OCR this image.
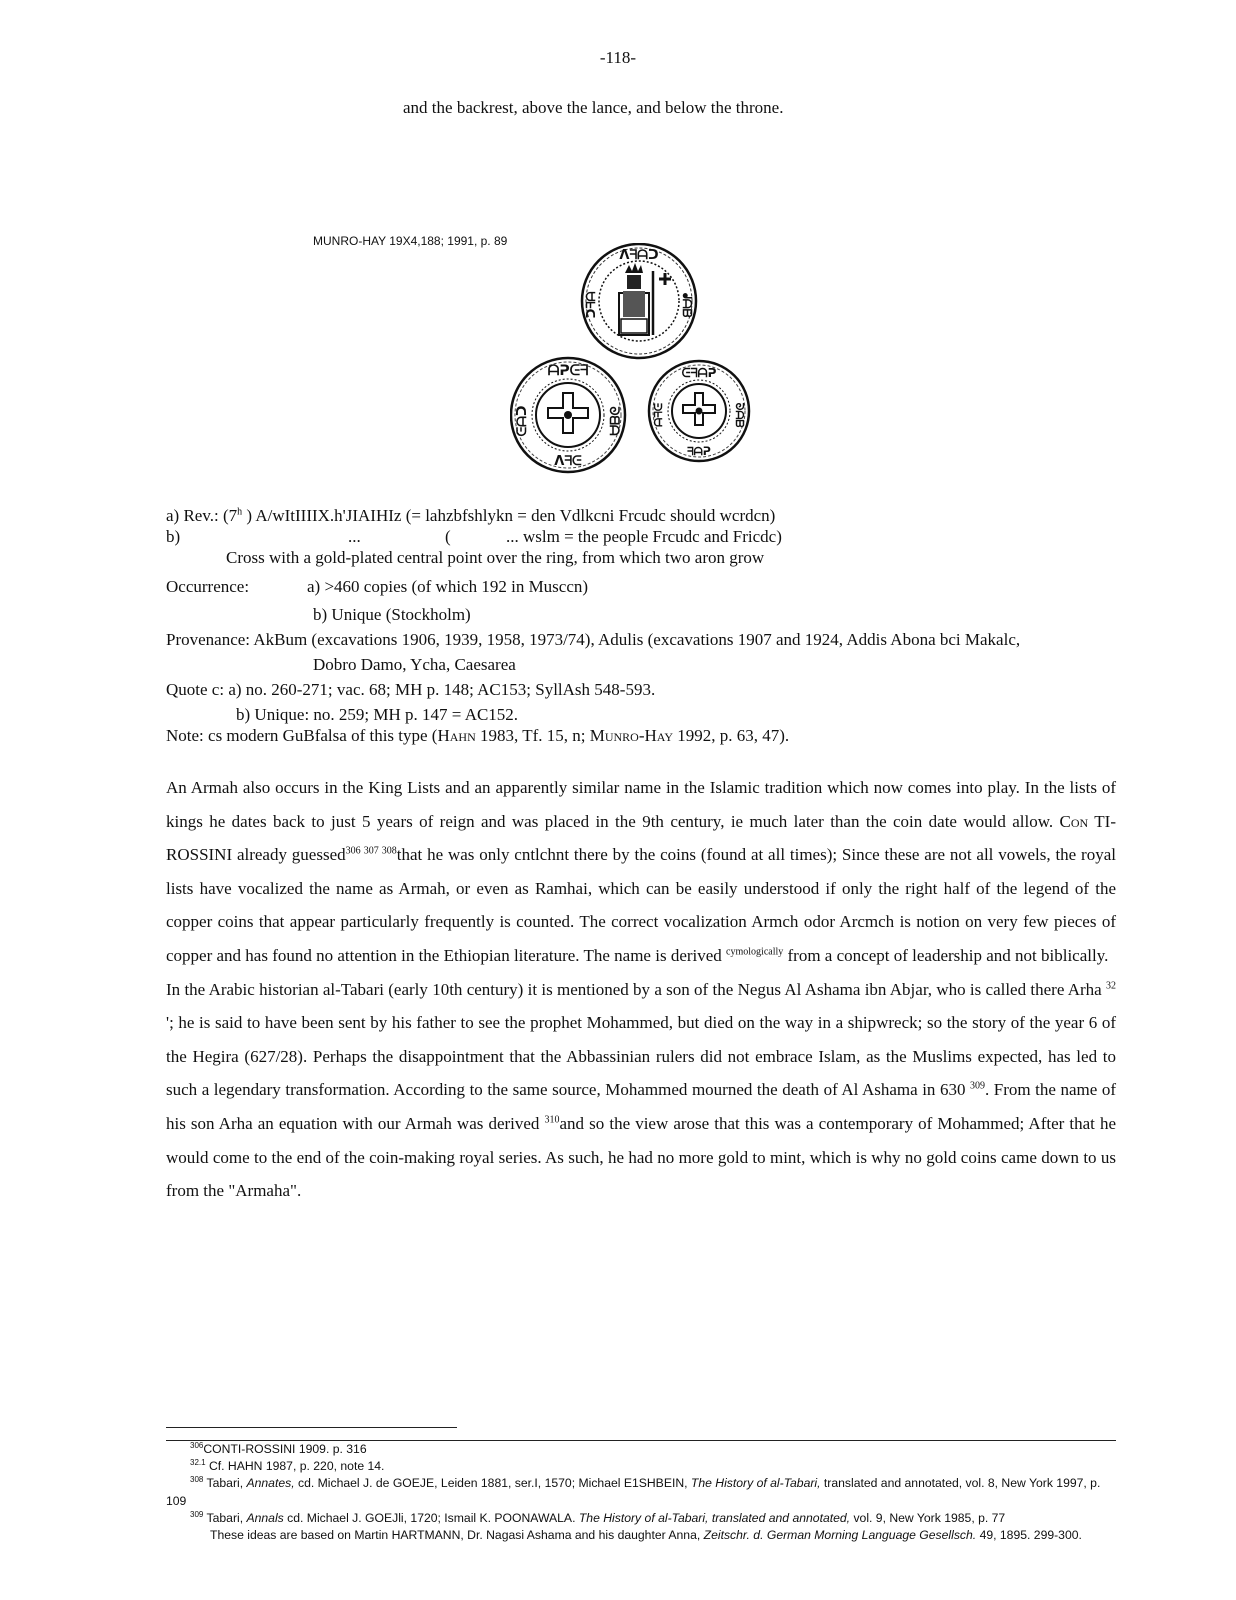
-118-
and the backrest, above the lance, and below the throne.
MUNRO-HAY 19X4,188; 1991, p. 89
ᐱᖷᗩᑐ
ᖱᗩᗷ
ᑐᖷᗩ
ᗩᕈᕮᖷ
ᘐᗺᗩ
ᐱᖷᕮ
ᕮᗩᑐ
ᕮᖷᗩᕈ
ᘐᗩᗷ
ᖷᗩᕈ
ᗩᖷᕮ
a) Rev.: (7$^h$ ) A/wItIIIIX.h'JIAIHIz (= lahzbfshlykn = den Vdlkcni Frcudc should wcrdcn)
b)	...	(	... wslm = the people Frcudc and Fricdc)
Cross with a gold-plated central point over the ring, from which two aron grow
Occurrence:	a) >460 copies (of which 192 in Musccn)
b) Unique (Stockholm)
Provenance: AkBum (excavations 1906, 1939, 1958, 1973/74), Adulis (excavations 1907 and 1924, Addis Abona bci Makalc,
Dobro Damo, Ycha, Caesarea
Quote c: a) no. 260-271; vac. 68; MH p. 148; AC153; SyllAsh 548-593.
b) Unique: no. 259; MH p. 147 = AC152.
Note: cs modern GuBfalsa of this type (Hahn 1983, Tf. 15, n; Munro-Hay 1992, p. 63, 47).

An Armah also occurs in the King Lists and an apparently similar name in the Islamic tradition which now comes into play. In the lists of kings he dates back to just 5 years of reign and was placed in the 9th century, ie much later than the coin date would allow. Con TI-ROSSINI already guessed$^{306 307 308}$that he was only cntlchnt there by the coins (found at all times); Since these are not all vowels, the royal lists have vocalized the name as Armah, or even as Ramhai, which can be easily understood if only the right half of the legend of the copper coins that appear particularly frequently is counted. The correct vocalization Armch odor Arcmch is notion on very few pieces of copper and has found no attention in the Ethiopian literature. The name is derived $^{cymologically}$ from a concept of leadership and not biblically.

In the Arabic historian al-Tabari (early 10th century) it is mentioned by a son of the Negus Al Ashama ibn Abjar, who is called there Arha $^{32}$ '; he is said to have been sent by his father to see the prophet Mohammed, but died on the way in a shipwreck; so the story of the year 6 of the Hegira (627/28). Perhaps the disappointment that the Abbassinian rulers did not embrace Islam, as the Muslims expected, has led to such a legendary transformation. According to the same source, Mohammed mourned the death of Al Ashama in 630 $^{309}$. From the name of his son Arha an equation with our Armah was derived $^{310}$and so the view arose that this was a contemporary of Mohammed; After that he would come to the end of the coin-making royal series. As such, he had no more gold to mint, which is why no gold coins came down to us from the "Armaha".

$^{306}$CONTI-ROSSINI 1909. p. 316
$^{32.1}$ Cf. HAHN 1987, p. 220, note 14.
$^{308}$ Tabari, Annates, cd. Michael J. de GOEJE, Leiden 1881, ser.I, 1570; Michael E1SHBEIN, The History of al-Tabari, translated and annotated, vol. 8, New York 1997, p. 109
$^{309}$ Tabari, Annals cd. Michael J. GOEJli, 1720; Ismail K. POONAWALA. The History of al-Tabari, translated and annotated, vol. 9, New York 1985, p. 77
These ideas are based on Martin HARTMANN, Dr. Nagasi Ashama and his daughter Anna, Zeitschr. d. German Morning Language Gesellsch. 49, 1895. 299-300.
